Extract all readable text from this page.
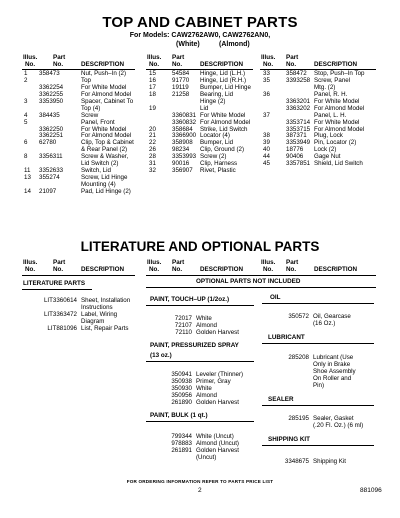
TOP AND CABINET PARTS
For Models: CAW2762AW0, CAW2762AN0,
(White)	(Almond)
Illus.
No.
Part
No.	DESCRIPTION
Illus.
No.
Part
No.	DESCRIPTION
Illus.
No.
Part
No.	DESCRIPTION
1 358473	Nut, Push–In (2)
2	Top
3362254	For White Model
3362255	For Almond Model
3 3353950	Spacer, Cabinet To
Top (4)
4 384435	Screw
5	Panel, Front
3362250	For White Model
3362251	For Almond Model
6 62780	Clip, Top & Cabinet
& Rear Panel (2)
8 3356311	Screw & Washer,
Lid Switch (2)
11 3352633	Switch, Lid
13 355274	Screw, Lid Hinge
Mounting (4)
14 21097	Pad, Lid Hinge (2)
15	54584 Hinge, Lid (L.H.)
16	91770 Hinge, Lid (R.H.)
17	19119 Bumper, Lid Hinge
18	21258 Bearing, Lid
Hinge (2)
19	Lid
3360831 For White Model
3360832 For Almond Model
20	358684 Strike, Lid Switch
21	3366900 Locator (4)
22	358908 Bumper, Lid
26	98234 Clip, Ground (2)
28	3353993 Screw (2)
31	90016 Clip, Harness
32	356907 Rivet, Plastic
33	358472 Stop, Push–In Top
35	3393258 Screw, Panel
Mtg. (2)
36	Panel, R. H.
3363201 For White Model
3363202 For Almond Model
37	Panel, L. H.
3353714 For White Model
3353715 For Almond Model
38	387371 Plug, Lock
39	3353949 Pin, Locator (2)
40	18776 Lock (2)
44	90406 Gage Nut
45	3357851 Shield, Lid Switch
LITERATURE AND OPTIONAL PARTS
Illus.
No.
Part
No.	DESCRIPTION
Illus.
No.
Part
No.	DESCRIPTION
Illus.
No.
Part
No.	DESCRIPTION
OPTIONAL PARTS NOT INCLUDED
LITERATURE PARTS
LIT3360614 Sheet, Installation
Instructions
LIT3363472 Label, Wiring
Diagram
LIT881096 List, Repair Parts
PAINT, TOUCH–UP (1/2oz.)
72017 White
72107 Almond
72110 Golden Harvest
PAINT, PRESSURIZED SPRAY
(13 oz.)
350941 Leveler (Thinner)
350938 Primer, Gray
350930 White
350956 Almond
261890 Golden Harvest
PAINT, BULK (1 qt.)
799344 White (Uncut)
978883 Almond (Uncut)
261891 Golden Harvest
(Uncut)
OIL
350572 Oil, Gearcase
(16 Oz.)
LUBRICANT
285208 Lubricant (Use
Only in Brake
Shoe Assembly
On Roller and
Pin)
SEALER
285195 Sealer, Gasket
(.20 Fl. Oz.) (6 ml)
SHIPPING KIT
3348675 Shipping Kit
FOR ORDERING INFORMATION REFER TO PARTS PRICE LIST
2	881096
